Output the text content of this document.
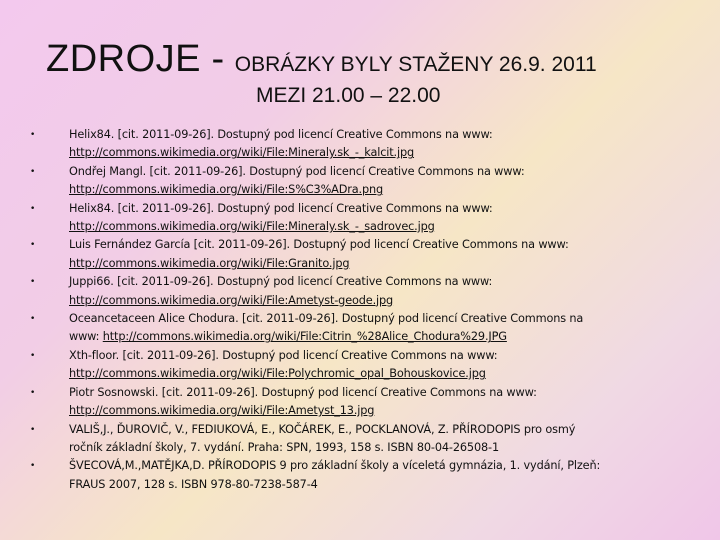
ZDROJE - OBRÁZKY BYLY STAŽENY 26.9. 2011
MEZI 21.00 – 22.00
•	Helix84. [cit. 2011-09-26]. Dostupný pod licencí Creative Commons na www:
http://commons.wikimedia.org/wiki/File:Mineraly.sk_-_kalcit.jpg
•	Ondřej Mangl. [cit. 2011-09-26]. Dostupný pod licencí Creative Commons na www:
http://commons.wikimedia.org/wiki/File:S%C3%ADra.png
•	Helix84. [cit. 2011-09-26]. Dostupný pod licencí Creative Commons na www:
http://commons.wikimedia.org/wiki/File:Mineraly.sk_-_sadrovec.jpg
•	Luis Fernández García [cit. 2011-09-26]. Dostupný pod licencí Creative Commons na www:
http://commons.wikimedia.org/wiki/File:Granito.jpg
•	Juppi66. [cit. 2011-09-26]. Dostupný pod licencí Creative Commons na www:
http://commons.wikimedia.org/wiki/File:Ametyst-geode.jpg
•	Oceancetaceen Alice Chodura. [cit. 2011-09-26]. Dostupný pod licencí Creative Commons na
www: http://commons.wikimedia.org/wiki/File:Citrin_%28Alice_Chodura%29.JPG
•	Xth-floor. [cit. 2011-09-26]. Dostupný pod licencí Creative Commons na www:
http://commons.wikimedia.org/wiki/File:Polychromic_opal_Bohouskovice.jpg
•	Piotr Sosnowski. [cit. 2011-09-26]. Dostupný pod licencí Creative Commons na www:
http://commons.wikimedia.org/wiki/File:Ametyst_13.jpg
•	VALIŠ,J., ĎUROVIČ, V., FEDIUKOVÁ, E., KOČÁREK, E., POCKLANOVÁ, Z. PŘÍRODOPIS pro osmý
ročník základní školy, 7. vydání. Praha: SPN, 1993, 158 s. ISBN 80-04-26508-1
•	ŠVECOVÁ,M.,MATĚJKA,D. PŘÍRODOPIS 9 pro základní školy a víceletá gymnázia, 1. vydání, Plzeň:
FRAUS 2007, 128 s. ISBN 978-80-7238-587-4
